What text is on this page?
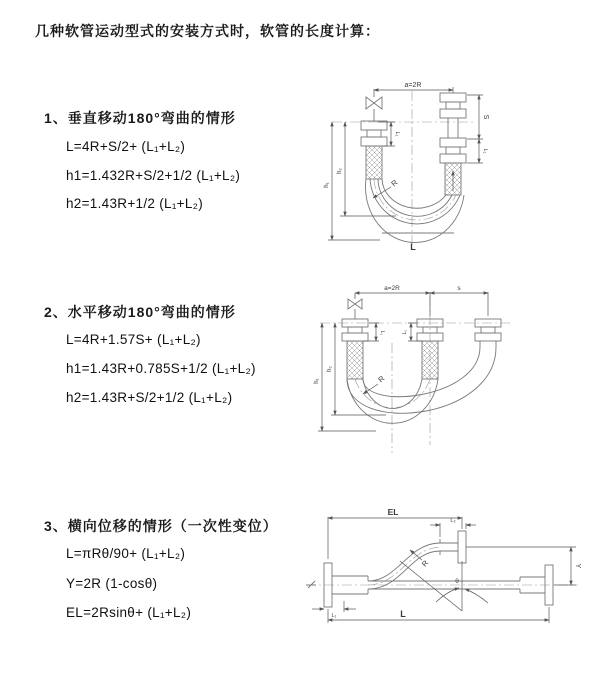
几种软管运动型式的安装方式时，软管的长度计算：
1、垂直移动180°弯曲的情形
L=4R+S/2+ (L₁+L₂)
h1=1.432R+S/2+1/2 (L₁+L₂)
h2=1.43R+1/2 (L₁+L₂)
2、水平移动180°弯曲的情形
L=4R+1.57S+ (L₁+L₂)
h1=1.43R+0.785S+1/2 (L₁+L₂)
h2=1.43R+S/2+1/2 (L₁+L₂)
3、横向位移的情形（一次性变位）
L=πRθ/90+ (L₁+L₂)
Y=2R (1-cosθ)
EL=2Rsinθ+ (L₁+L₂)
a=2R
S
L₁
L₁
h₂
h₁	R
L
a=2R	s
L₁	L₁
h₂
h₁	R
EL
L₂
Y
L₁	L
R
θ
